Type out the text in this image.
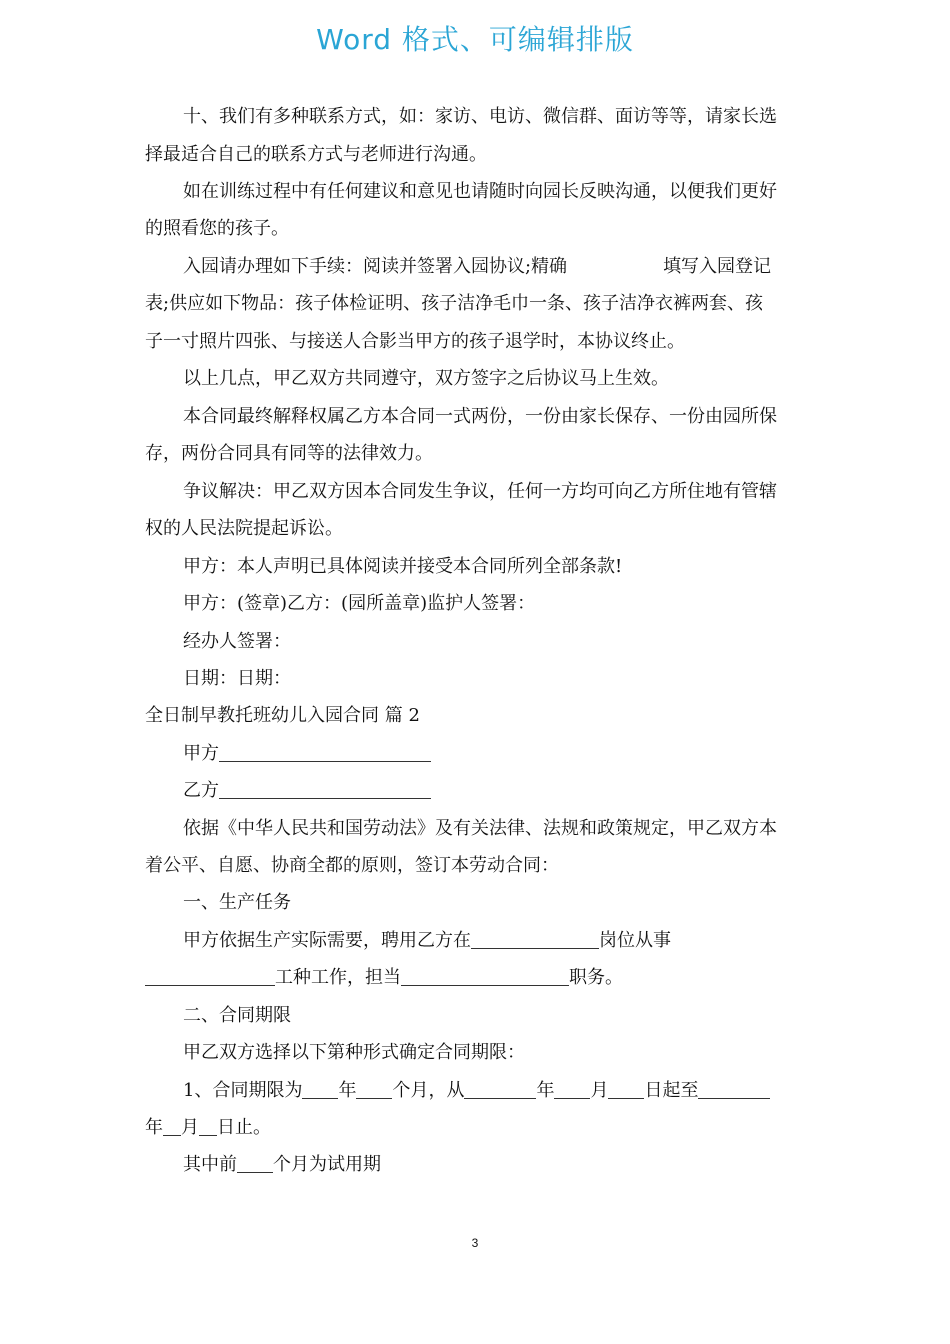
Word 格式、可编辑排版
十、我们有多种联系方式，如：家访、电访、微信群、面访等等，请家长选
择最适合自己的联系方式与老师进行沟通。
如在训练过程中有任何建议和意见也请随时向园长反映沟通，以便我们更好
的照看您的孩子。
入园请办理如下手续：阅读并签署入园协议;精确	填写入园登记
表;供应如下物品：孩子体检证明、孩子洁净毛巾一条、孩子洁净衣裤两套、孩
子一寸照片四张、与接送人合影当甲方的孩子退学时，本协议终止。
以上几点，甲乙双方共同遵守，双方签字之后协议马上生效。
本合同最终解释权属乙方本合同一式两份，一份由家长保存、一份由园所保
存，两份合同具有同等的法律效力。
争议解决：甲乙双方因本合同发生争议，任何一方均可向乙方所住地有管辖
权的人民法院提起诉讼。
甲方：本人声明已具体阅读并接受本合同所列全部条款!
甲方：(签章)乙方：(园所盖章)监护人签署：
经办人签署：
日期：日期：
全日制早教托班幼儿入园合同 篇 2
甲方
乙方
依据《中华人民共和国劳动法》及有关法律、法规和政策规定，甲乙双方本
着公平、自愿、协商全都的原则，签订本劳动合同：
一、生产任务
甲方依据生产实际需要，聘用乙方在	岗位从事
工种工作，担当	职务。
二、合同期限
甲乙双方选择以下第种形式确定合同期限：
1、合同期限为 年 个月，从	年 月 日起至
年 月 日止。
其中前 个月为试用期
3
